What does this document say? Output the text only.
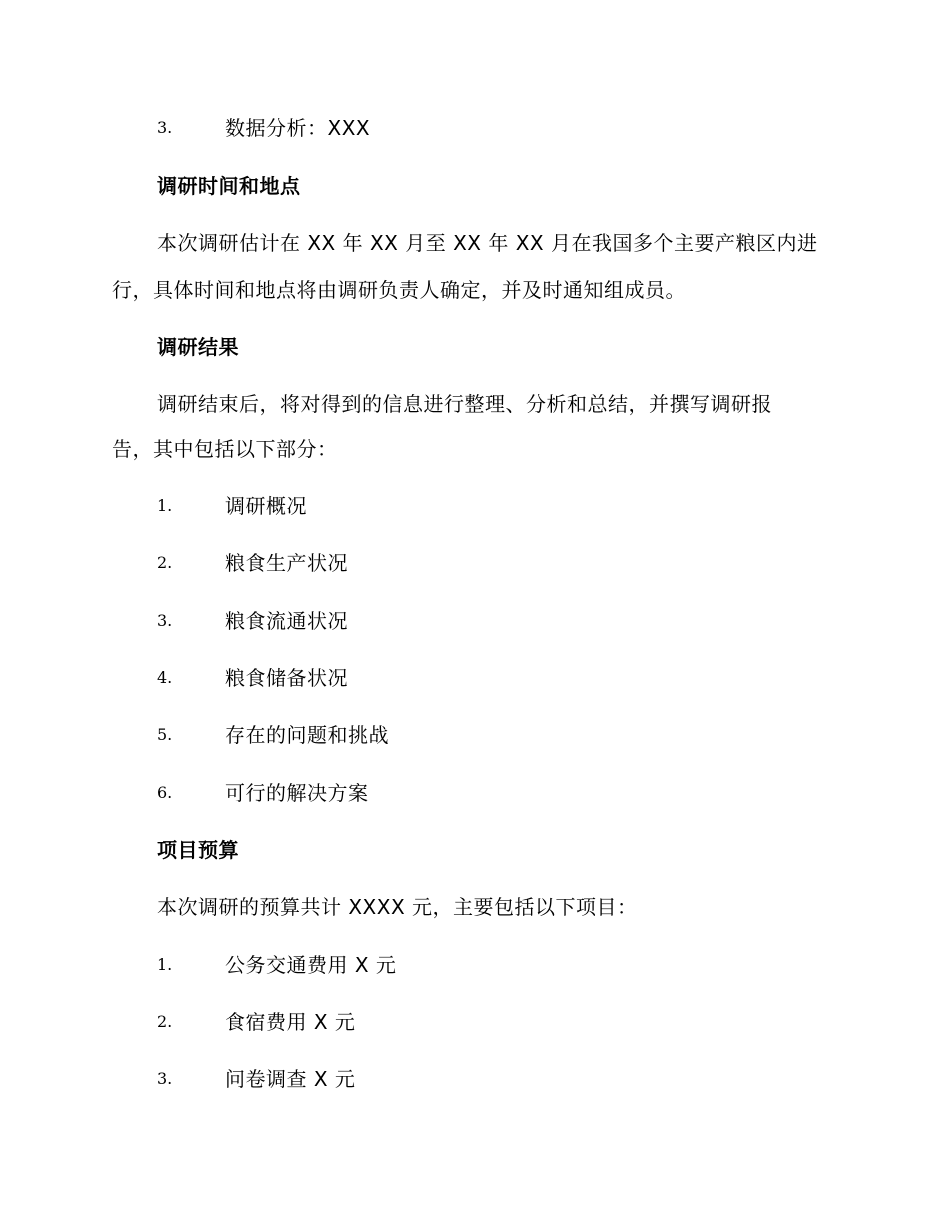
3.	数据分析：XXX
调研时间和地点
本次调研估计在 XX 年 XX 月至 XX 年 XX 月在我国多个主要产粮区内进
行，具体时间和地点将由调研负责人确定，并及时通知组成员。
调研结果
调研结束后，将对得到的信息进行整理、分析和总结，并撰写调研报
告，其中包括以下部分：
1.	调研概况
2.	粮食生产状况
3.	粮食流通状况
4.	粮食储备状况
5.	存在的问题和挑战
6.	可行的解决方案
项目预算
本次调研的预算共计 XXXX 元，主要包括以下项目：
1.	公务交通费用 X 元
2.	食宿费用 X 元
3.	问卷调查 X 元
